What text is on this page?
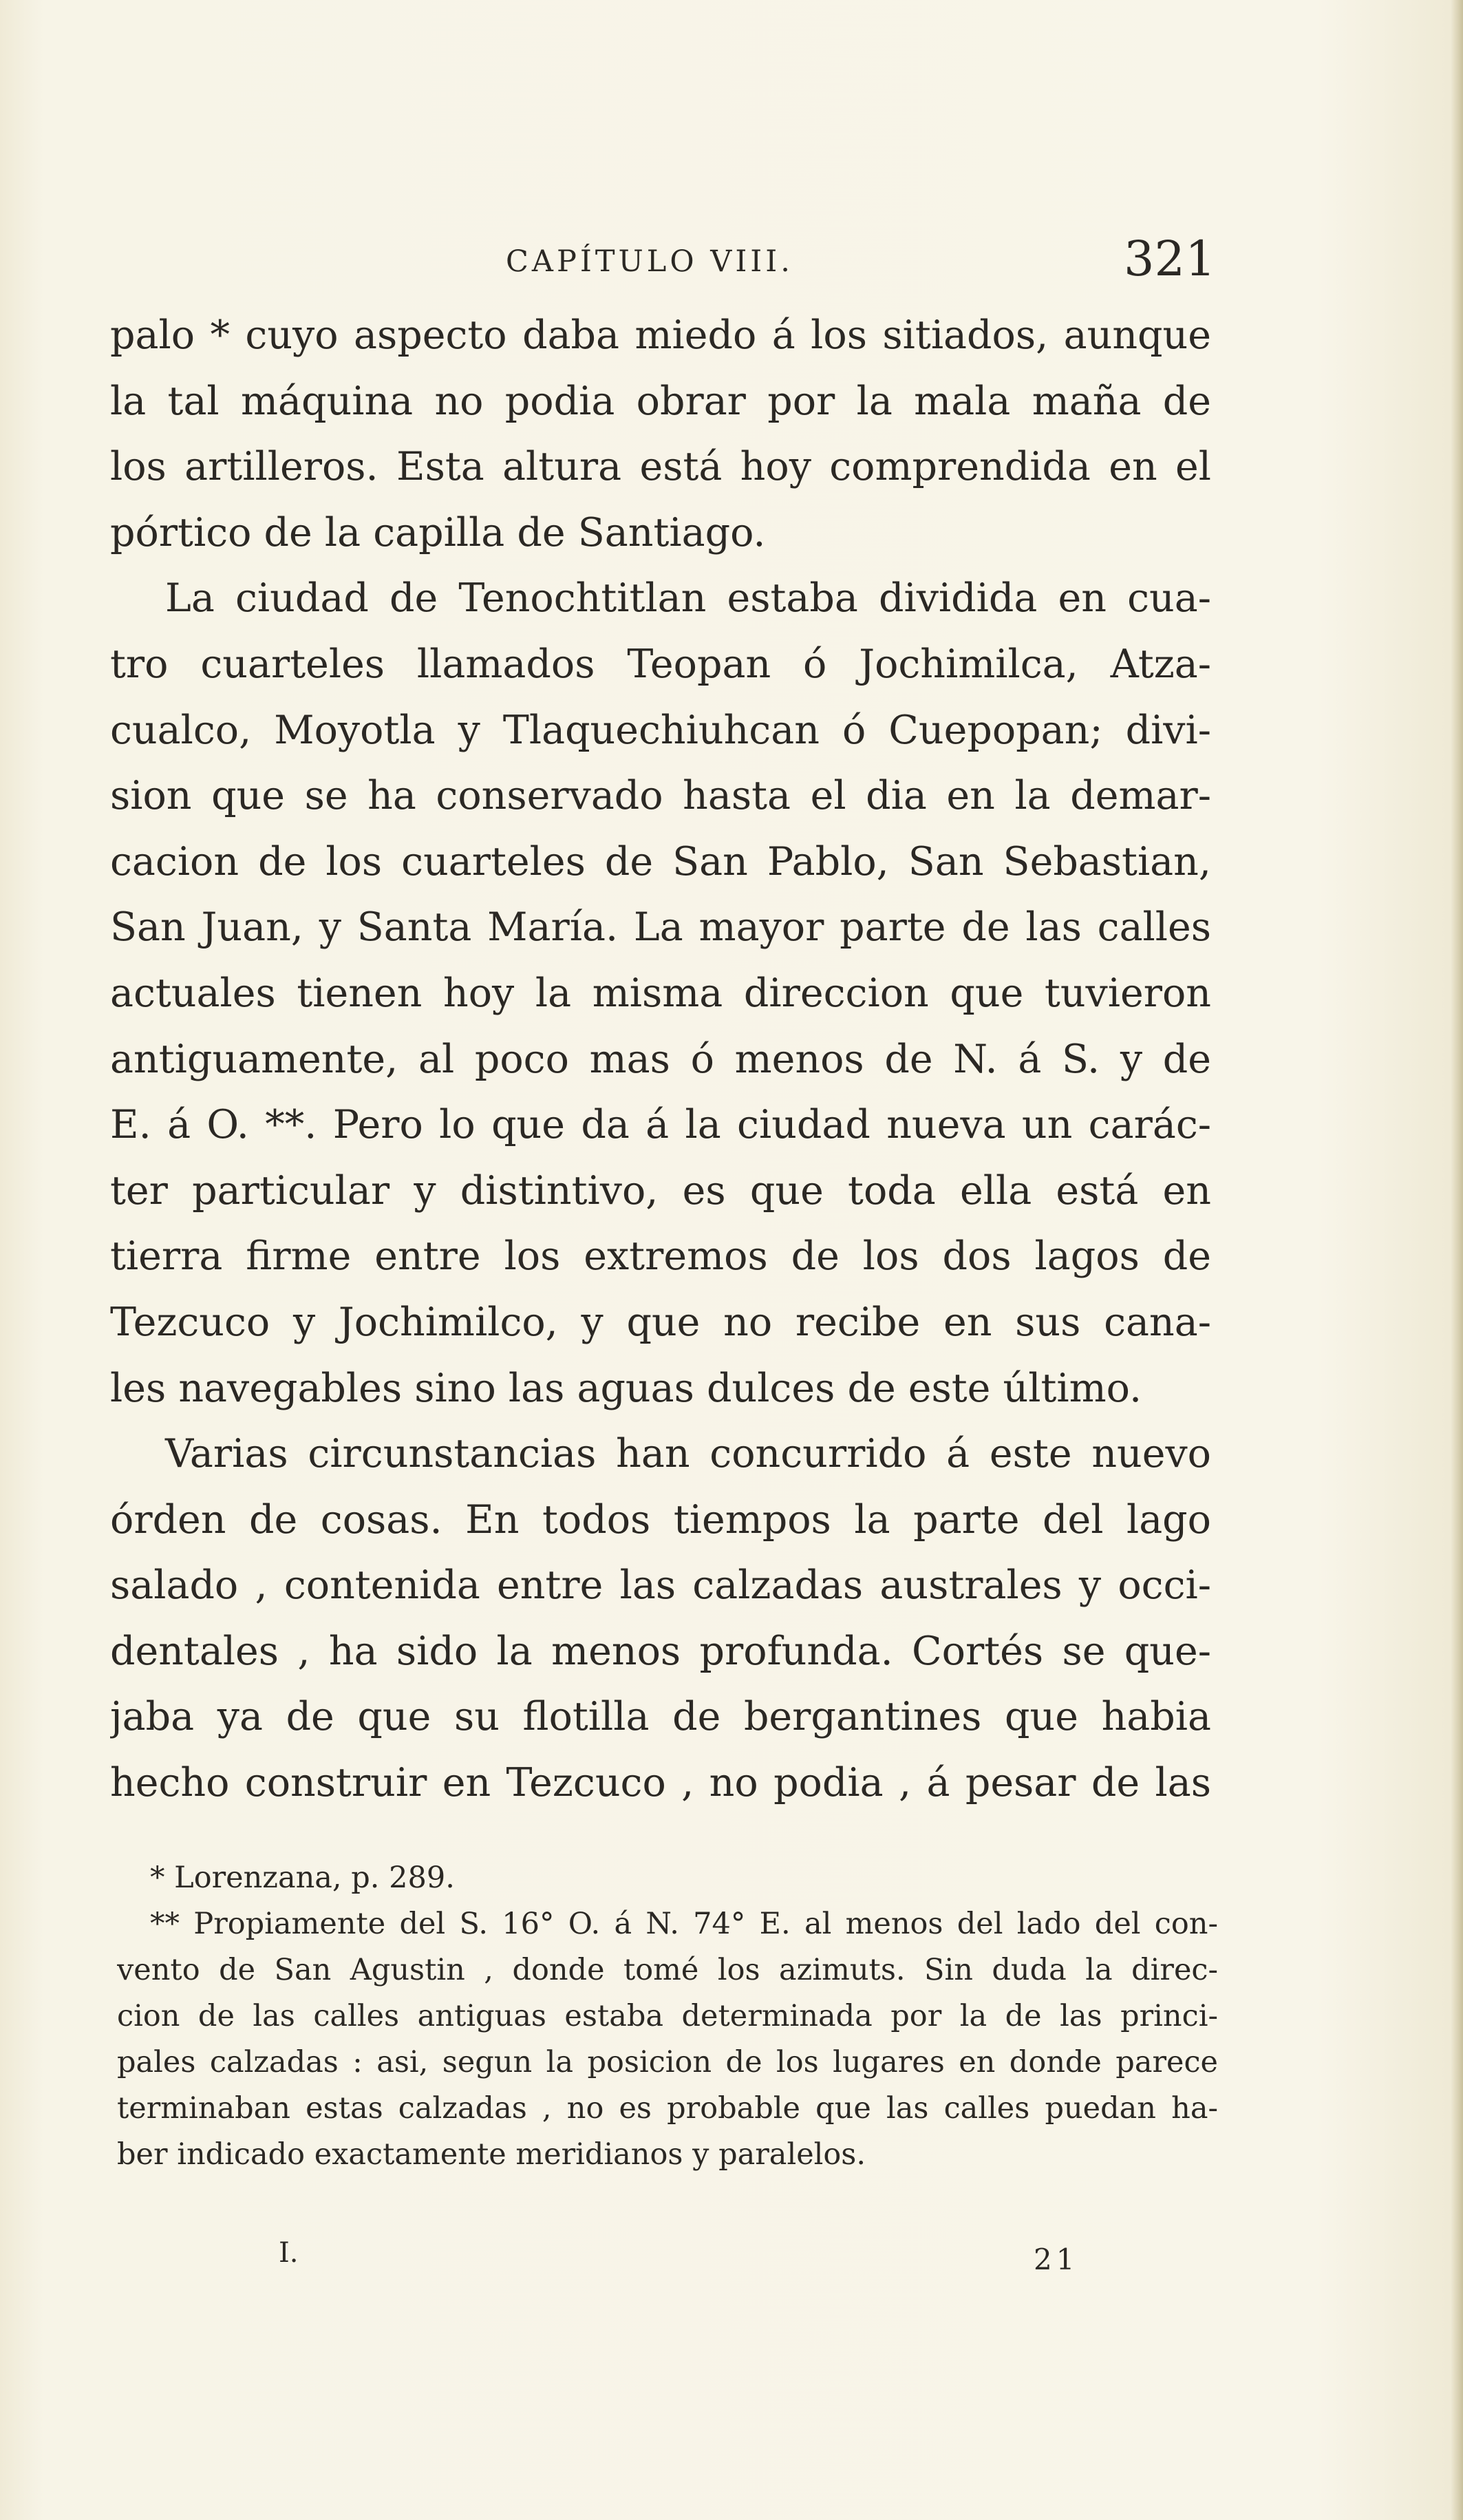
CAPÍTULO VIII.	321
palo * cuyo aspecto daba miedo á los sitiados, aunque
la tal máquina no podia obrar por la mala maña de
los artilleros. Esta altura está hoy comprendida en el
pórtico de la capilla de Santiago.
La ciudad de Tenochtitlan estaba dividida en cua-
tro cuarteles llamados Teopan ó Jochimilca, Atza-
cualco, Moyotla y Tlaquechiuhcan ó Cuepopan; divi-
sion que se ha conservado hasta el dia en la demar-
cacion de los cuarteles de San Pablo, San Sebastian,
San Juan, y Santa María. La mayor parte de las calles
actuales tienen hoy la misma direccion que tuvieron
antiguamente, al poco mas ó menos de N. á S. y de
E. á O. **. Pero lo que da á la ciudad nueva un carác-
ter particular y distintivo, es que toda ella está en
tierra firme entre los extremos de los dos lagos de
Tezcuco y Jochimilco, y que no recibe en sus cana-
les navegables sino las aguas dulces de este último.
Varias circunstancias han concurrido á este nuevo
órden de cosas. En todos tiempos la parte del lago
salado , contenida entre las calzadas australes y occi-
dentales , ha sido la menos profunda. Cortés se que-
jaba ya de que su flotilla de bergantines que habia
hecho construir en Tezcuco , no podia , á pesar de las
* Lorenzana, p. 289.
** Propiamente del S. 16° O. á N. 74° E. al menos del lado del con-
vento de San Agustin , donde tomé los azimuts. Sin duda la direc-
cion de las calles antiguas estaba determinada por la de las princi-
pales calzadas : asi, segun la posicion de los lugares en donde parece
terminaban estas calzadas , no es probable que las calles puedan ha-
ber indicado exactamente meridianos y paralelos.
I.	21
